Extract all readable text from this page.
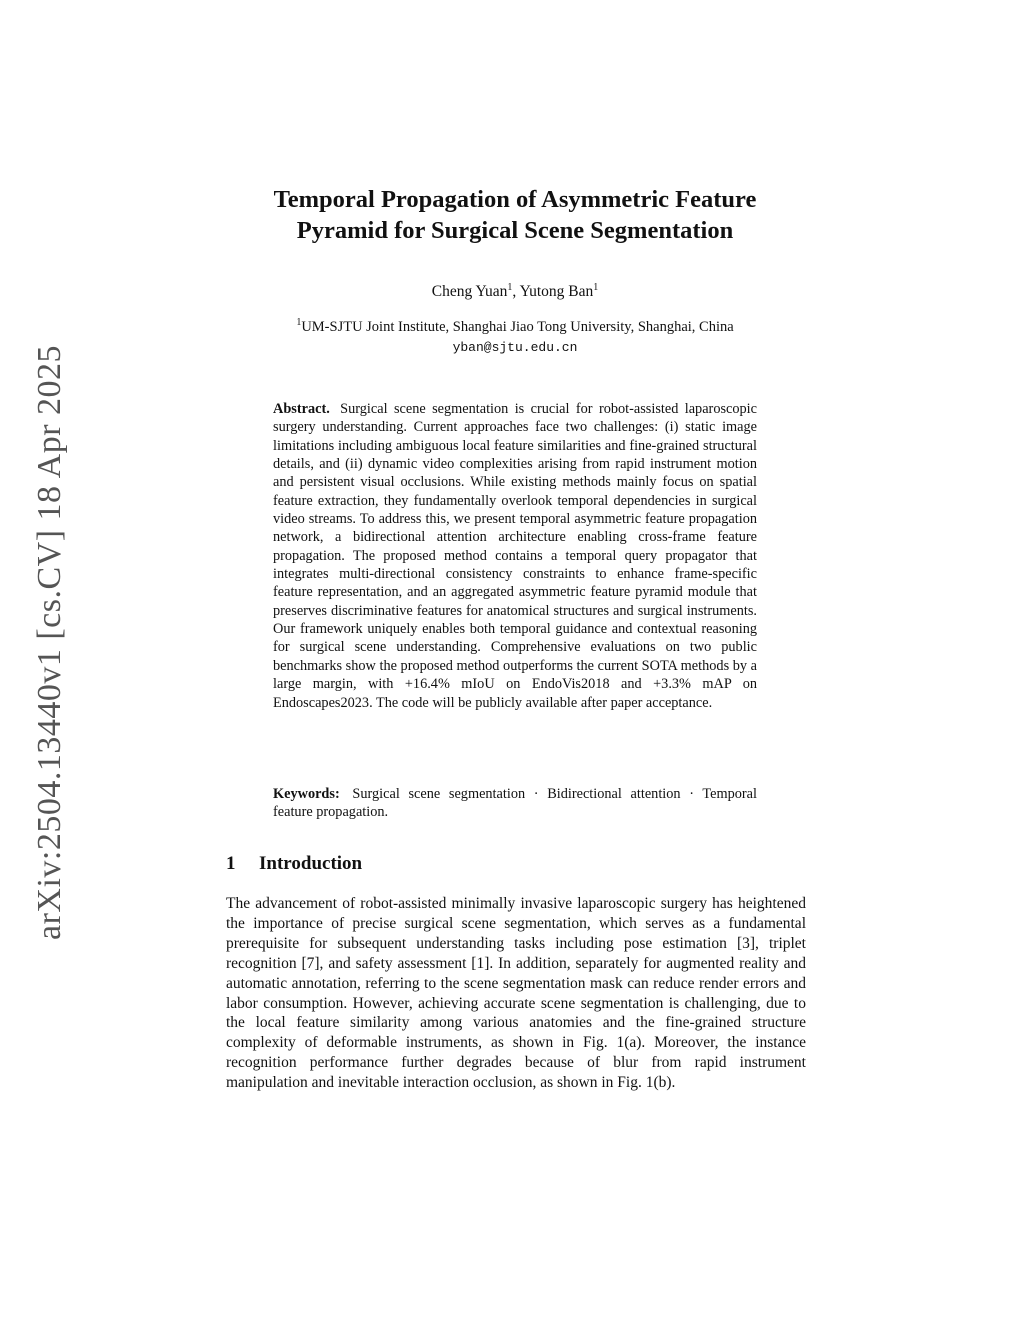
arXiv:2504.13440v1 [cs.CV] 18 Apr 2025
Temporal Propagation of Asymmetric Feature
Pyramid for Surgical Scene Segmentation
Cheng Yuan$^1$, Yutong Ban$^1$
$^1$UM-SJTU Joint Institute, Shanghai Jiao Tong University, Shanghai, China
yban@sjtu.edu.cn

Abstract. Surgical scene segmentation is crucial for robot-assisted laparoscopic surgery understanding. Current approaches face two challenges: (i) static image limitations including ambiguous local feature similarities and fine-grained structural details, and (ii) dynamic video complexities arising from rapid instrument motion and persistent visual occlusions. While existing methods mainly focus on spatial feature extraction, they fundamentally overlook temporal dependencies in surgical video streams. To address this, we present temporal asymmetric feature propagation network, a bidirectional attention architecture enabling cross-frame feature propagation. The proposed method contains a temporal query propagator that integrates multi-directional consistency constraints to enhance frame-specific feature representation, and an aggregated asymmetric feature pyramid module that preserves discriminative features for anatomical structures and surgical instruments. Our framework uniquely enables both temporal guidance and contextual reasoning for surgical scene understanding. Comprehensive evaluations on two public benchmarks show the proposed method outperforms the current SOTA methods by a large margin, with +16.4% mIoU on EndoVis2018 and +3.3% mAP on Endoscapes2023. The code will be publicly available after paper acceptance.

Keywords: Surgical scene segmentation · Bidirectional attention · Temporal feature propagation.

1 Introduction

The advancement of robot-assisted minimally invasive laparoscopic surgery has heightened the importance of precise surgical scene segmentation, which serves as a fundamental prerequisite for subsequent understanding tasks including pose estimation [3], triplet recognition [7], and safety assessment [1]. In addition, separately for augmented reality and automatic annotation, referring to the scene segmentation mask can reduce render errors and labor consumption. However, achieving accurate scene segmentation is challenging, due to the local feature similarity among various anatomies and the fine-grained structure complexity of deformable instruments, as shown in Fig. 1(a). Moreover, the instance recognition performance further degrades because of blur from rapid instrument manipulation and inevitable interaction occlusion, as shown in Fig. 1(b).
